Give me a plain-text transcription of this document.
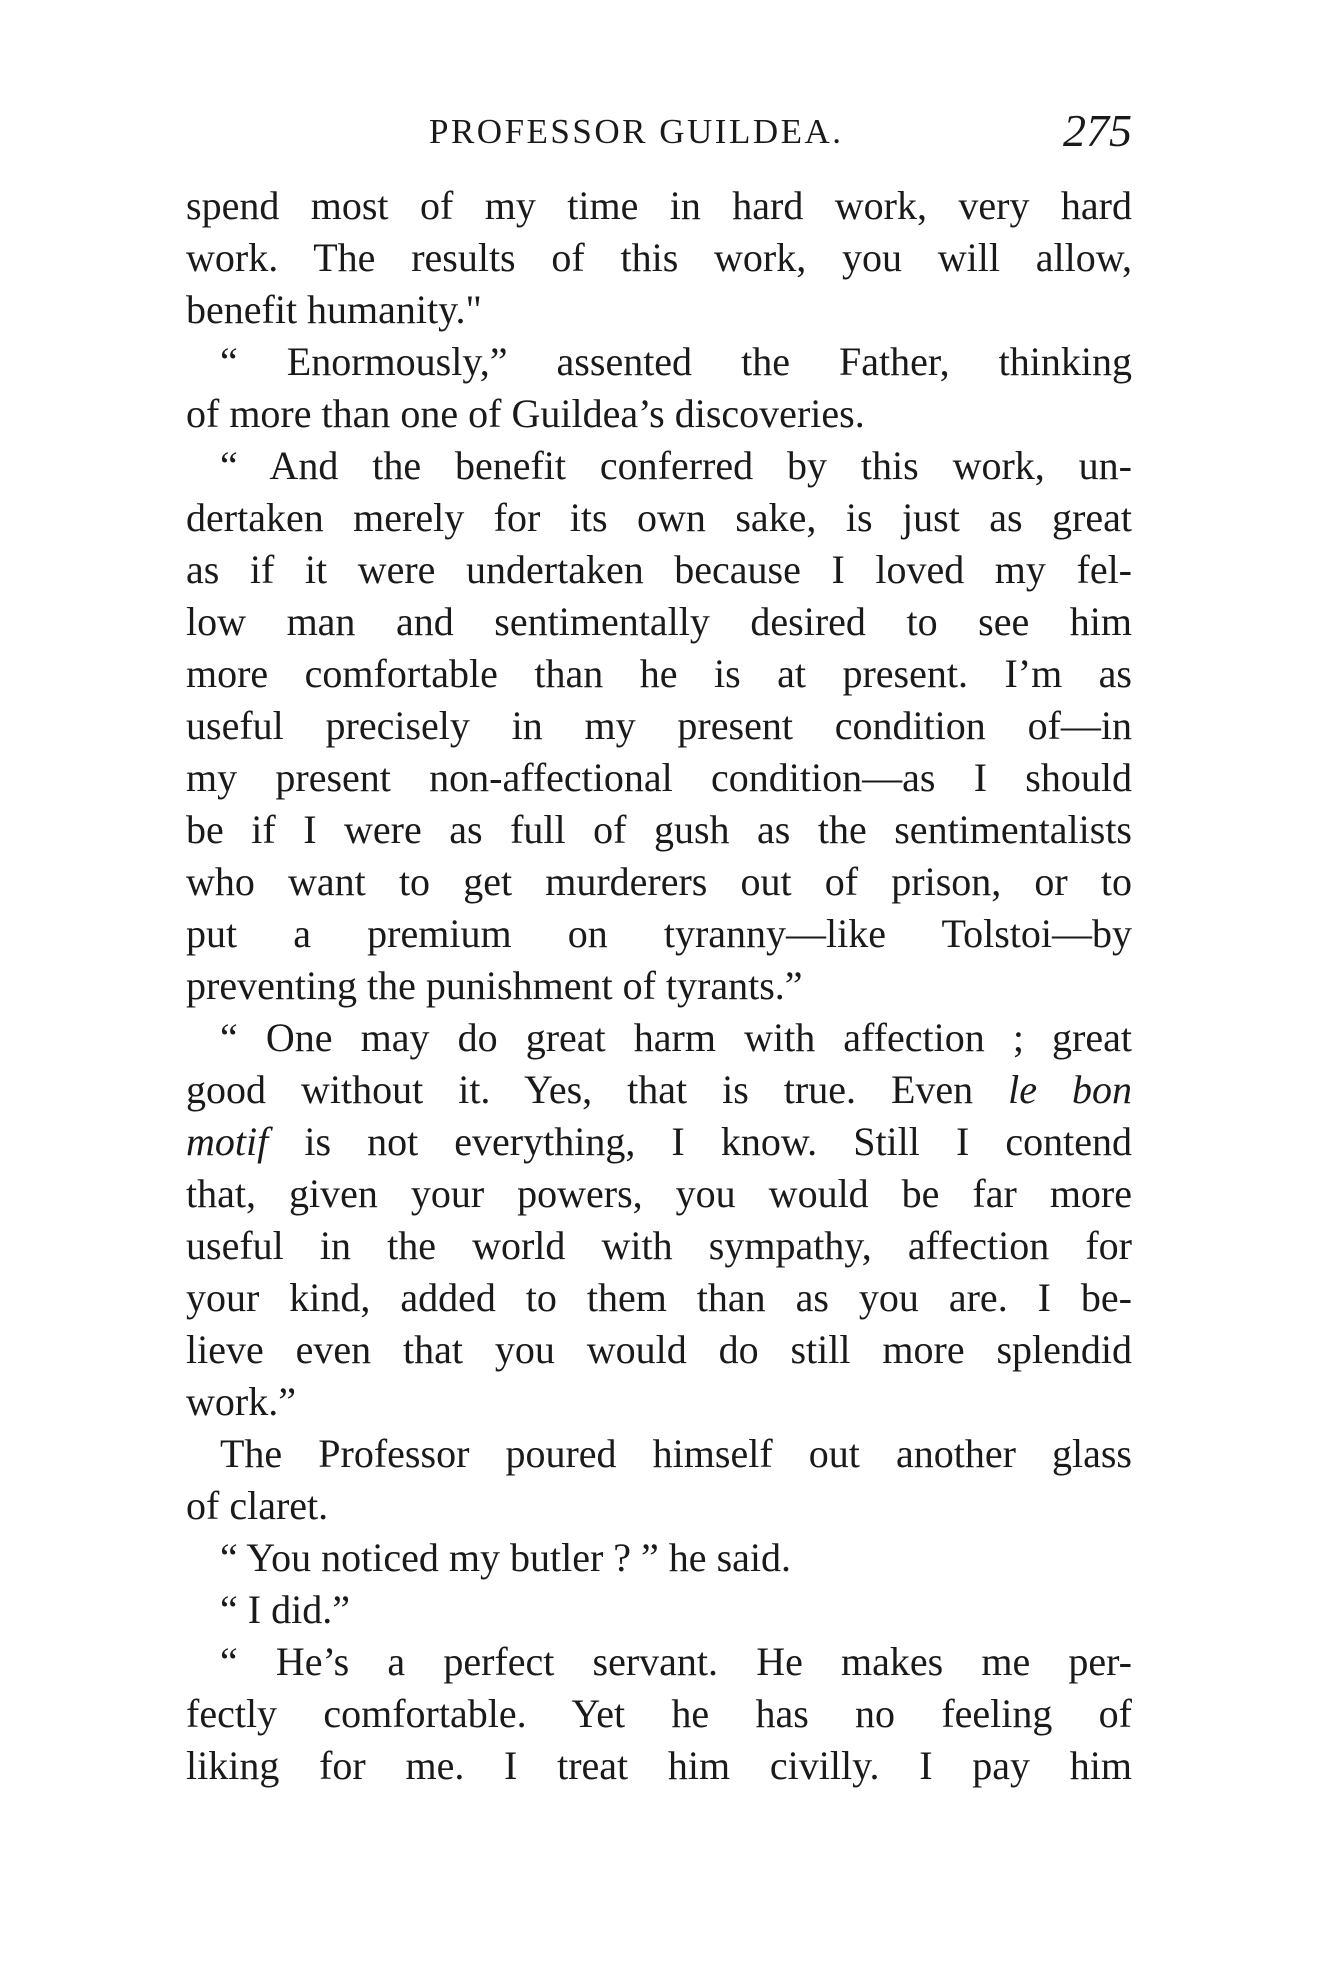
PROFESSOR GUILDEA.	275
spend most of my time in hard work, very hard
work. The results of this work, you will allow,
benefit humanity."
“ Enormously,” assented the Father, thinking
of more than one of Guildea’s discoveries.
“ And the benefit conferred by this work, un-
dertaken merely for its own sake, is just as great
as if it were undertaken because I loved my fel-
low man and sentimentally desired to see him
more comfortable than he is at present. I’m as
useful precisely in my present condition of—in
my present non-affectional condition—as I should
be if I were as full of gush as the sentimentalists
who want to get murderers out of prison, or to
put a premium on tyranny—like Tolstoi—by
preventing the punishment of tyrants.”
“ One may do great harm with affection ; great
good without it. Yes, that is true. Even le bon
motif is not everything, I know. Still I contend
that, given your powers, you would be far more
useful in the world with sympathy, affection for
your kind, added to them than as you are. I be-
lieve even that you would do still more splendid
work.”
The Professor poured himself out another glass
of claret.
“ You noticed my butler ? ” he said.
“ I did.”
“ He’s a perfect servant. He makes me per-
fectly comfortable. Yet he has no feeling of
liking for me. I treat him civilly. I pay him
